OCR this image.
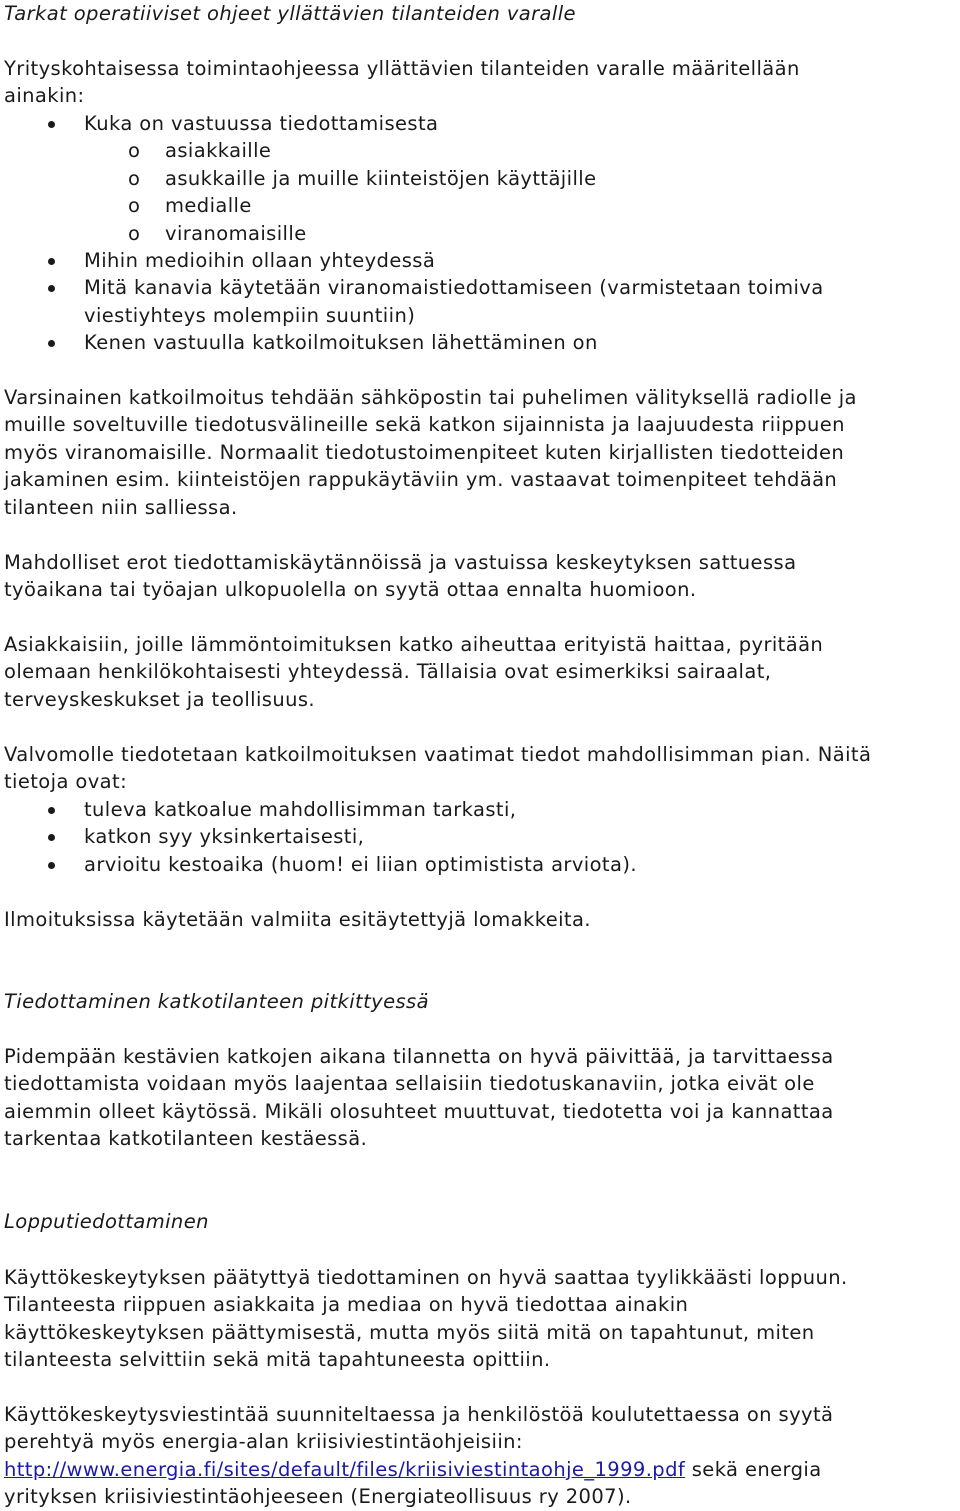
Tarkat operatiiviset ohjeet yllättävien tilanteiden varalle
Yrityskohtaisessa toimintaohjeessa yllättävien tilanteiden varalle määritellään
ainakin:
Kuka on vastuussa tiedottamisesta
o asiakkaille
o asukkaille ja muille kiinteistöjen käyttäjille
o medialle
o viranomaisille
Mihin medioihin ollaan yhteydessä
Mitä kanavia käytetään viranomaistiedottamiseen (varmistetaan toimiva
viestiyhteys molempiin suuntiin)
Kenen vastuulla katkoilmoituksen lähettäminen on
Varsinainen katkoilmoitus tehdään sähköpostin tai puhelimen välityksellä radiolle ja
muille soveltuville tiedotusvälineille sekä katkon sijainnista ja laajuudesta riippuen
myös viranomaisille. Normaalit tiedotustoimenpiteet kuten kirjallisten tiedotteiden
jakaminen esim. kiinteistöjen rappukäytäviin ym. vastaavat toimenpiteet tehdään
tilanteen niin salliessa.
Mahdolliset erot tiedottamiskäytännöissä ja vastuissa keskeytyksen sattuessa
työaikana tai työajan ulkopuolella on syytä ottaa ennalta huomioon.
Asiakkaisiin, joille lämmöntoimituksen katko aiheuttaa erityistä haittaa, pyritään
olemaan henkilökohtaisesti yhteydessä. Tällaisia ovat esimerkiksi sairaalat,
terveyskeskukset ja teollisuus.
Valvomolle tiedotetaan katkoilmoituksen vaatimat tiedot mahdollisimman pian. Näitä
tietoja ovat:
tuleva katkoalue mahdollisimman tarkasti,
katkon syy yksinkertaisesti,
arvioitu kestoaika (huom! ei liian optimistista arviota).
Ilmoituksissa käytetään valmiita esitäytettyjä lomakkeita.
Tiedottaminen katkotilanteen pitkittyessä
Pidempään kestävien katkojen aikana tilannetta on hyvä päivittää, ja tarvittaessa
tiedottamista voidaan myös laajentaa sellaisiin tiedotuskanaviin, jotka eivät ole
aiemmin olleet käytössä. Mikäli olosuhteet muuttuvat, tiedotetta voi ja kannattaa
tarkentaa katkotilanteen kestäessä.
Lopputiedottaminen
Käyttökeskeytyksen päätyttyä tiedottaminen on hyvä saattaa tyylikkäästi loppuun.
Tilanteesta riippuen asiakkaita ja mediaa on hyvä tiedottaa ainakin
käyttökeskeytyksen päättymisestä, mutta myös siitä mitä on tapahtunut, miten
tilanteesta selvittiin sekä mitä tapahtuneesta opittiin.
Käyttökeskeytysviestintää suunniteltaessa ja henkilöstöä koulutettaessa on syytä
perehtyä myös energia-alan kriisiviestintäohjeisiin:
http://www.energia.fi/sites/default/files/kriisiviestintaohje_1999.pdf sekä energia
yrityksen kriisiviestintäohjeeseen (Energiateollisuus ry 2007).
